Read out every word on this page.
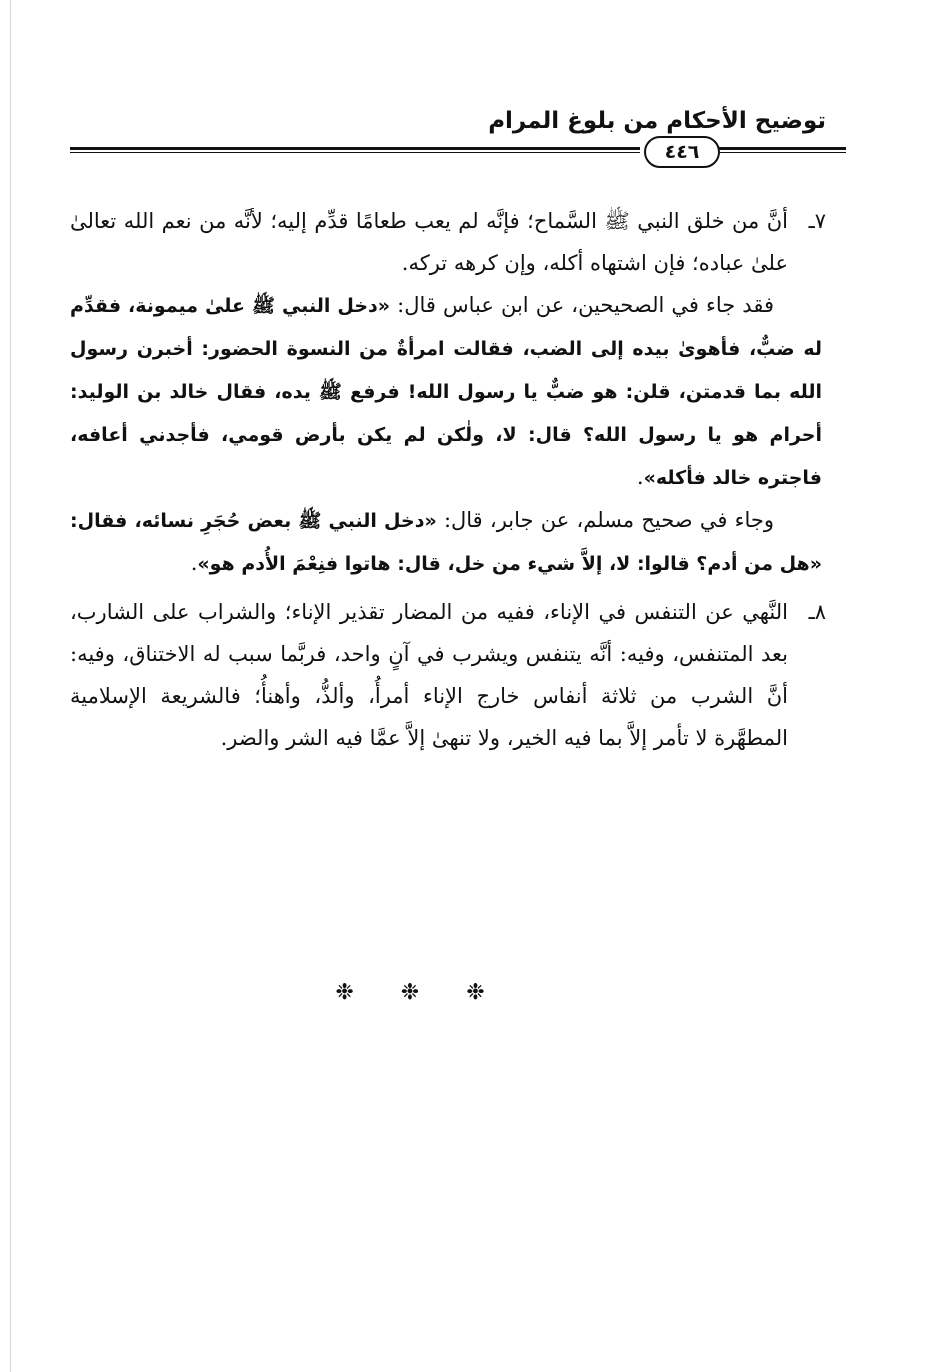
توضيح الأحكام من بلوغ المرام
٤٤٦

٧ـ
أنَّ من خلق النبي ﷺ السَّماح؛ فإنَّه لم يعب طعامًا قدِّم إليه؛ لأنَّه من نعم الله تعالىٰ علىٰ عباده؛ فإن اشتهاه أكله، وإن كرهه تركه.

فقد جاء في الصحيحين، عن ابن عباس قال: «دخل النبي ﷺ علىٰ ميمونة، فقدِّم له ضبٌّ، فأهوىٰ بيده إلى الضب، فقالت امرأةٌ من النسوة الحضور: أخبرن رسول الله بما قدمتن، قلن: هو ضبٌّ يا رسول الله! فرفع ﷺ يده، فقال خالد بن الوليد: أحرام هو يا رسول الله؟ قال: لا، ولٰكن لم يكن بأرض قومي، فأجدني أعافه، فاجتره خالد فأكله».

وجاء في صحيح مسلم، عن جابر، قال: «دخل النبي ﷺ بعض حُجَرِ نسائه، فقال: «هل من أدم؟ قالوا: لا، إلاَّ شيء من خل، قال: هاتوا فنِعْمَ الأُدم هو».

٨ـ
النَّهي عن التنفس في الإناء، ففيه من المضار تقذير الإناء؛ والشراب على الشارب، بعد المتنفس، وفيه: أنَّه يتنفس ويشرب في آنٍ واحد، فربَّما سبب له الاختناق، وفيه: أنَّ الشرب من ثلاثة أنفاس خارج الإناء أمرأُ، وألذُّ، وأهنأُ؛ فالشريعة الإسلامية المطهَّرة لا تأمر إلاَّ بما فيه الخير، ولا تنهىٰ إلاَّ عمَّا فيه الشر والضر.

❉ ❉ ❉
